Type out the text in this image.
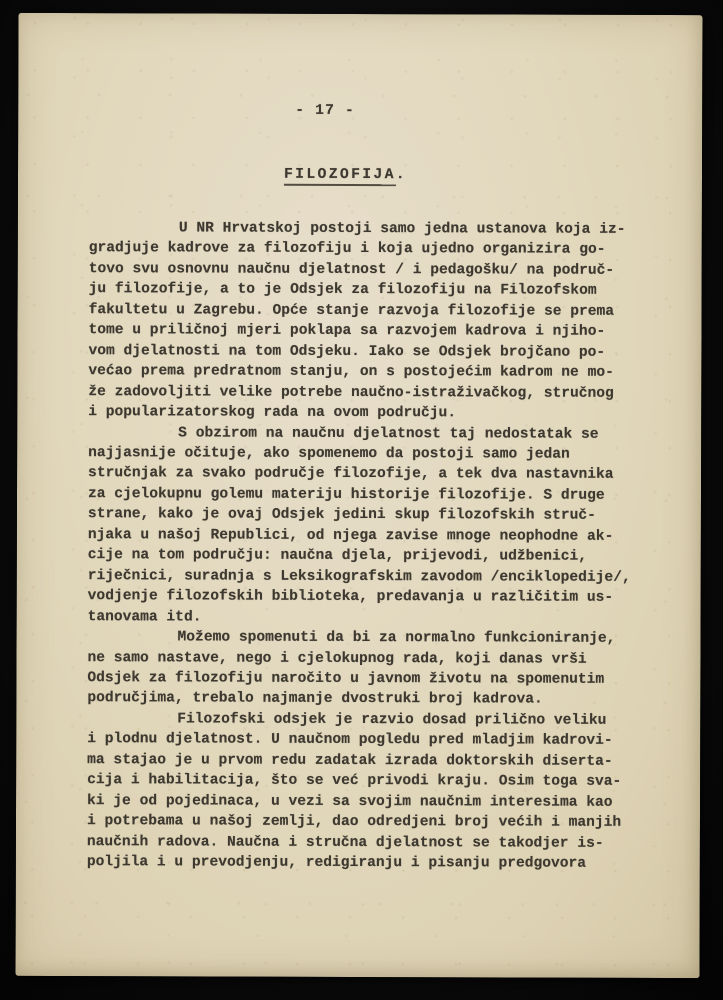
- 17 -
FILOZOFIJA.

U NR Hrvatskoj postoji samo jedna ustanova koja iz-
gradjuje kadrove za filozofiju i koja ujedno organizira go-
tovo svu osnovnu naučnu djelatnost / i pedagošku/ na područ-
ju filozofije, a to je Odsjek za filozofiju na Filozofskom
fakultetu u Zagrebu. Opće stanje razvoja filozofije se prema
tome u priličnoj mjeri poklapa sa razvojem kadrova i njiho-
vom djelatnosti na tom Odsjeku. Iako se Odsjek brojčano po-
većao prema predratnom stanju, on s postojećim kadrom ne mo-
že zadovoljiti velike potrebe naučno-istraživačkog, stručnog
i popularizatorskog rada na ovom području.

S obzirom na naučnu djelatnost taj nedostatak se
najjasnije očituje, ako spomenemo da postoji samo jedan
stručnjak za svako područje filozofije, a tek dva nastavnika
za cjelokupnu golemu materiju historije filozofije. S druge
strane, kako je ovaj Odsjek jedini skup filozofskih struč-
njaka u našoj Republici, od njega zavise mnoge neophodne ak-
cije na tom području: naučna djela, prijevodi, udžbenici,
riječnici, suradnja s Leksikografskim zavodom /enciklopedije/,
vodjenje filozofskih biblioteka, predavanja u različitim us-
tanovama itd.

Možemo spomenuti da bi za normalno funkcioniranje,
ne samo nastave, nego i cjelokupnog rada, koji danas vrši
Odsjek za filozofiju naročito u javnom životu na spomenutim
područjima, trebalo najmanje dvostruki broj kadrova.

Filozofski odsjek je razvio dosad prilično veliku
i plodnu djelatnost. U naučnom pogledu pred mladjim kadrovi-
ma stajao je u prvom redu zadatak izrada doktorskih diserta-
cija i habilitacija, što se već privodi kraju. Osim toga sva-
ki je od pojedinaca, u vezi sa svojim naučnim interesima kao
i potrebama u našoj zemlji, dao odredjeni broj većih i manjih
naučnih radova. Naučna i stručna djelatnost se takodjer is-
poljila i u prevodjenju, redigiranju i pisanju predgovora
